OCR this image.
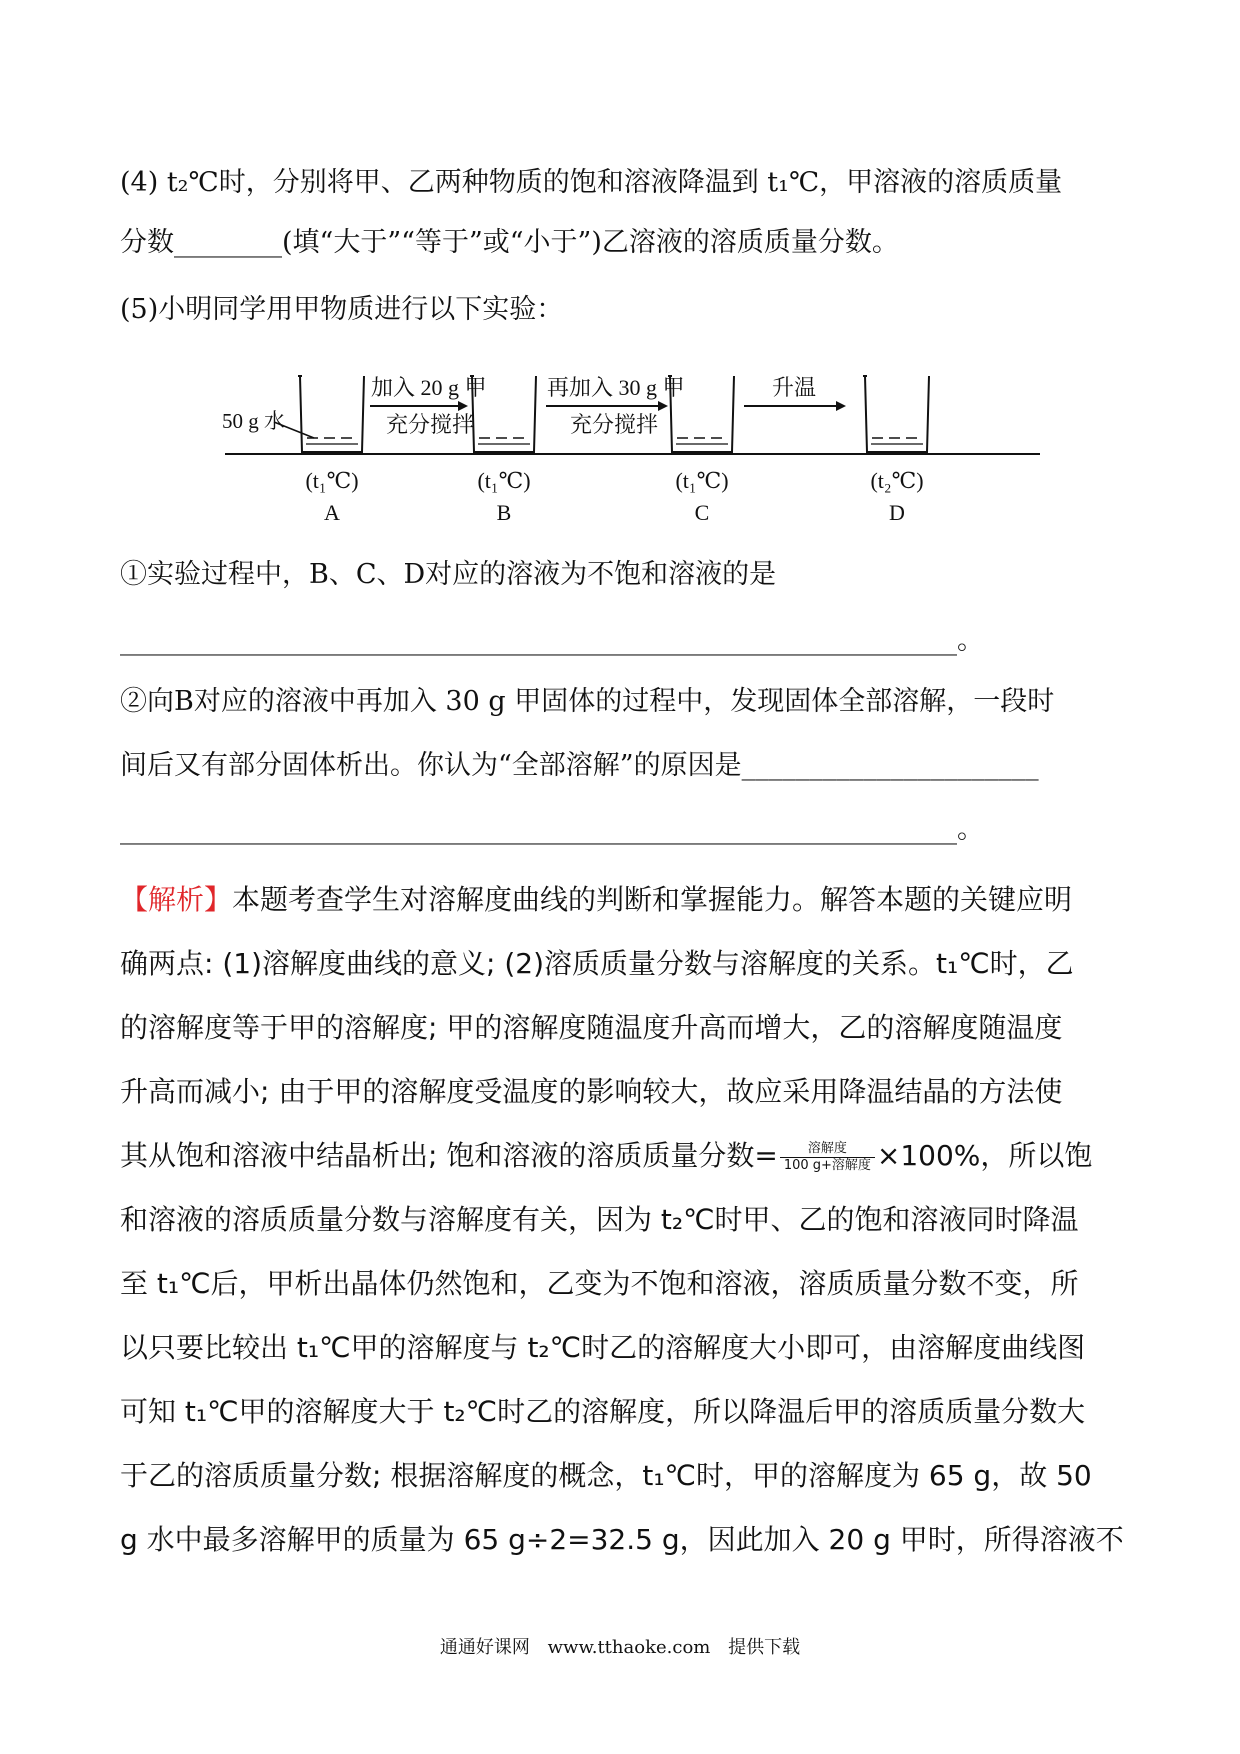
(4) t₂℃时，分别将甲、乙两种物质的饱和溶液降温到 t₁℃，甲溶液的溶质质量
分数________(填“大于”“等于”或“小于”)乙溶液的溶质质量分数。
(5)小明同学用甲物质进行以下实验：
50 g 水
加入 20 g 甲
充分搅拌
再加入 30 g 甲
充分搅拌
升温
(t₁℃)
A
(t₁℃)
B
(t₁℃)
C
(t₂℃)
D
①实验过程中，B、C、D对应的溶液为不饱和溶液的是
______________________________________________________________。
②向B对应的溶液中再加入 30 g 甲固体的过程中，发现固体全部溶解，一段时
间后又有部分固体析出。你认为“全部溶解”的原因是______________________
______________________________________________________________。
【解析】本题考查学生对溶解度曲线的判断和掌握能力。解答本题的关键应明
确两点: (1)溶解度曲线的意义; (2)溶质质量分数与溶解度的关系。t₁℃时，乙
的溶解度等于甲的溶解度; 甲的溶解度随温度升高而增大，乙的溶解度随温度
升高而减小; 由于甲的溶解度受温度的影响较大，故应采用降温结晶的方法使
其从饱和溶液中结晶析出; 饱和溶液的溶质质量分数= $\frac{\text{溶解度}}{\text{100 g+溶解度}} \times 100\%$，所以饱
和溶液的溶质质量分数与溶解度有关，因为 t₂℃时甲、乙的饱和溶液同时降温
至 t₁℃后，甲析出晶体仍然饱和，乙变为不饱和溶液，溶质质量分数不变，所
以只要比较出 t₁℃甲的溶解度与 t₂℃时乙的溶解度大小即可，由溶解度曲线图
可知 t₁℃甲的溶解度大于 t₂℃时乙的溶解度，所以降温后甲的溶质质量分数大
于乙的溶质质量分数; 根据溶解度的概念，t₁℃时，甲的溶解度为 65 g，故 50
g 水中最多溶解甲的质量为 65 g÷2=32.5 g，因此加入 20 g 甲时，所得溶液不
通通好课网 www.tthaoke.com 提供下载
